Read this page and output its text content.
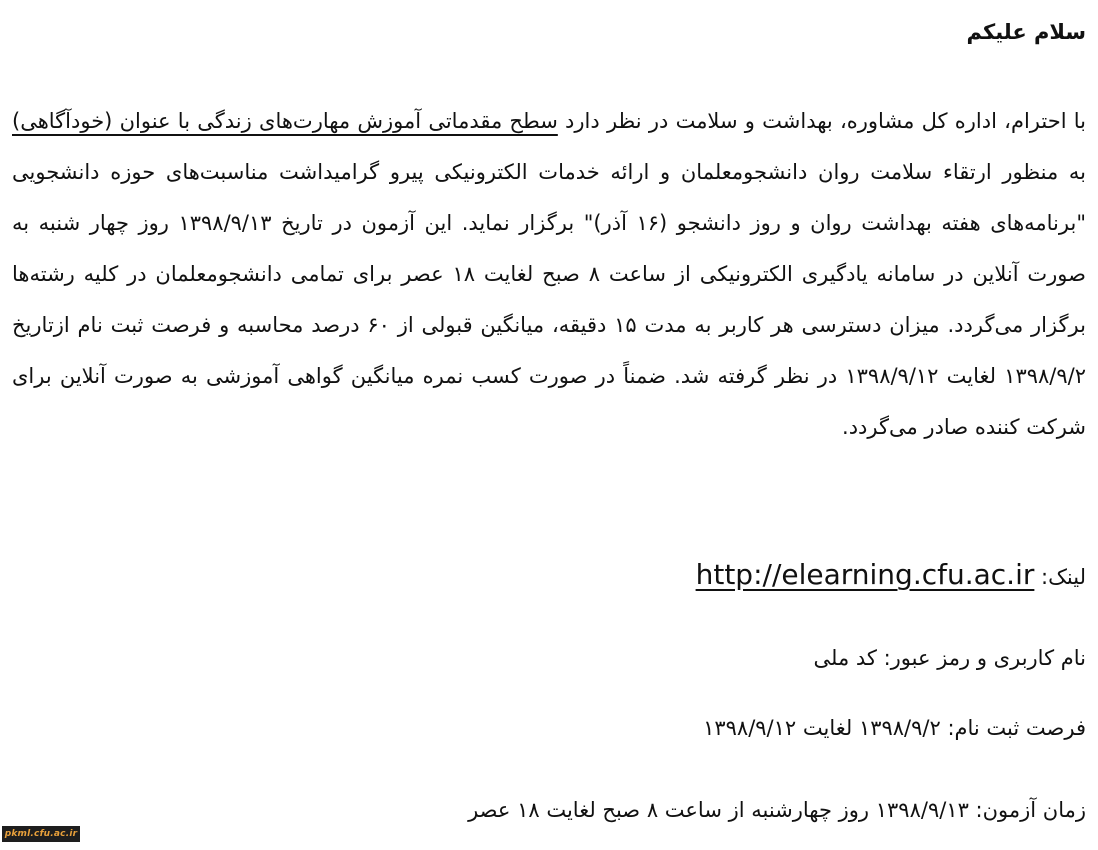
سلام علیکم

با احترام، اداره کل مشاوره، بهداشت و سلامت در نظر دارد سطح مقدماتی آموزش مهارت‌های زندگی با عنوان (خودآگاهی) به منظور ارتقاء سلامت روان دانشجومعلمان و ارائه خدمات الکترونیکی پیرو گرامیداشت مناسبت‌های حوزه دانشجویی "برنامه‌های هفته بهداشت روان و روز دانشجو (۱۶ آذر)" برگزار نماید. این آزمون در تاریخ ۱۳۹۸/۹/۱۳ روز چهار شنبه به صورت آنلاین در سامانه یادگیری الکترونیکی از ساعت ۸ صبح لغایت ۱۸ عصر برای تمامی دانشجومعلمان در کلیه رشته‌ها برگزار می‌گردد. میزان دسترسی هر کاربر به مدت ۱۵ دقیقه، میانگین قبولی از ۶۰ درصد محاسبه و فرصت ثبت نام ازتاریخ ۱۳۹۸/۹/۲ لغایت ۱۳۹۸/۹/۱۲ در نظر گرفته شد. ضمناً در صورت کسب نمره میانگین گواهی آموزشی به صورت آنلاین برای شرکت کننده صادر می‌گردد.

لینک: http://elearning.cfu.ac.ir
نام کاربری و رمز عبور: کد ملی
فرصت ثبت نام: ۱۳۹۸/۹/۲ لغایت ۱۳۹۸/۹/۱۲
زمان آزمون: ۱۳۹۸/۹/۱۳ روز چهارشنبه از ساعت ۸ صبح لغایت ۱۸ عصر
pkml.cfu.ac.ir
